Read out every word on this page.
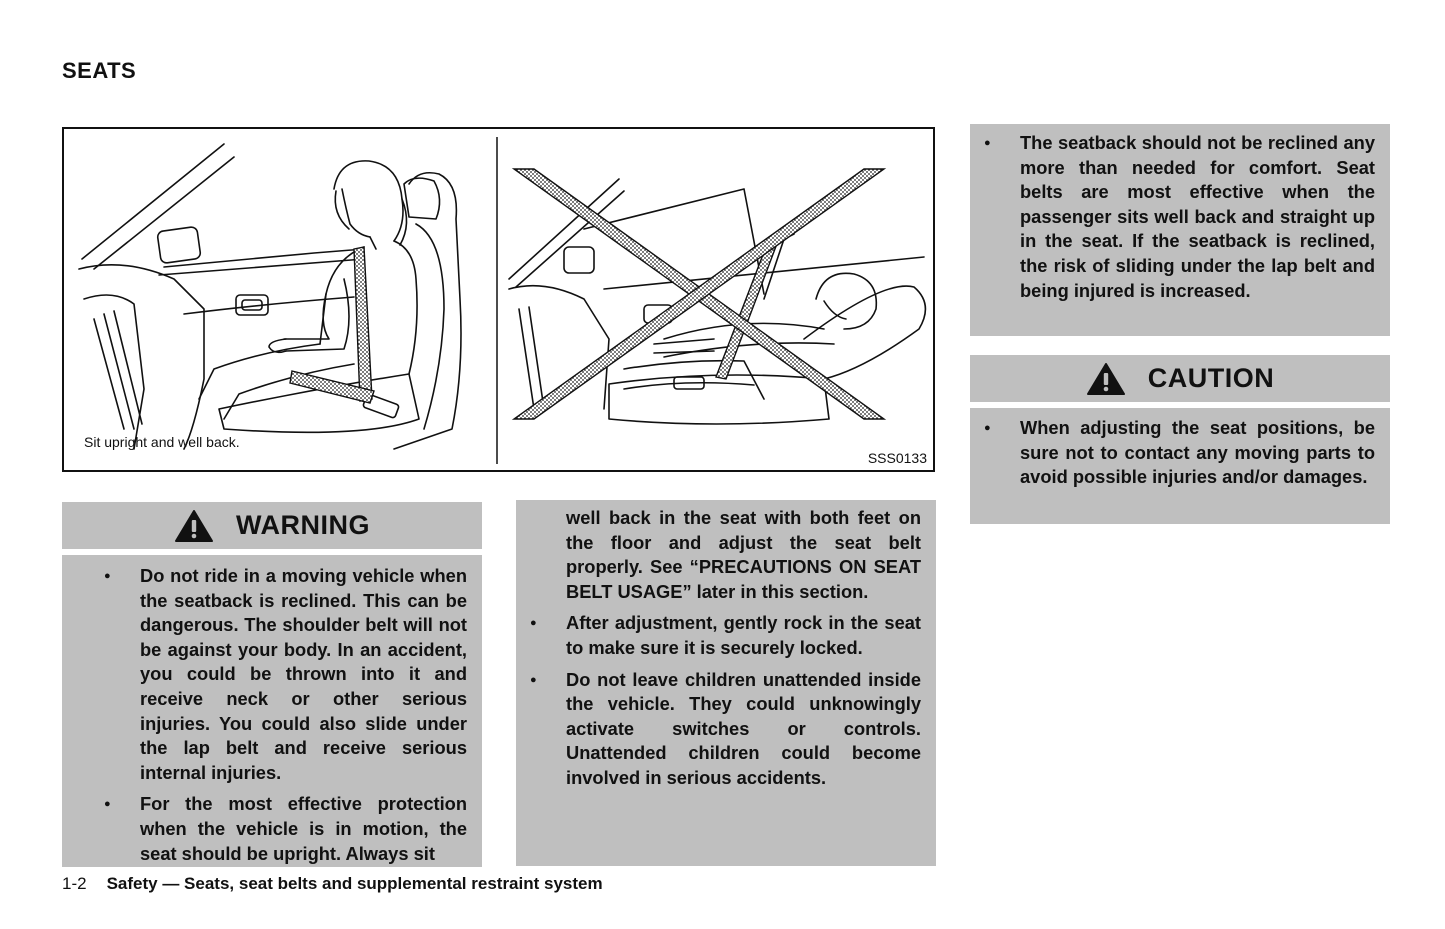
SEATS
Sit upright and well back.
SSS0133
WARNING
● Do not ride in a moving vehicle when the seatback is reclined. This can be dangerous. The shoulder belt will not be against your body. In an accident, you could be thrown into it and receive neck or other serious injuries. You could also slide under the lap belt and receive serious internal injuries.
● For the most effective protection when the vehicle is in motion, the seat should be upright. Always sit

well back in the seat with both feet on the floor and adjust the seat belt properly. See “PRECAUTIONS ON SEAT BELT USAGE” later in this section.

● After adjustment, gently rock in the seat to make sure it is securely locked.
● Do not leave children unattended inside the vehicle. They could unknowingly activate switches or controls. Unattended children could become involved in serious accidents.
● The seatback should not be reclined any more than needed for comfort. Seat belts are most effective when the passenger sits well back and straight up in the seat. If the seatback is reclined, the risk of sliding under the lap belt and being injured is increased.
CAUTION
● When adjusting the seat positions, be sure not to contact any moving parts to avoid possible injuries and/or damages.

1-2 Safety — Seats, seat belts and supplemental restraint system
